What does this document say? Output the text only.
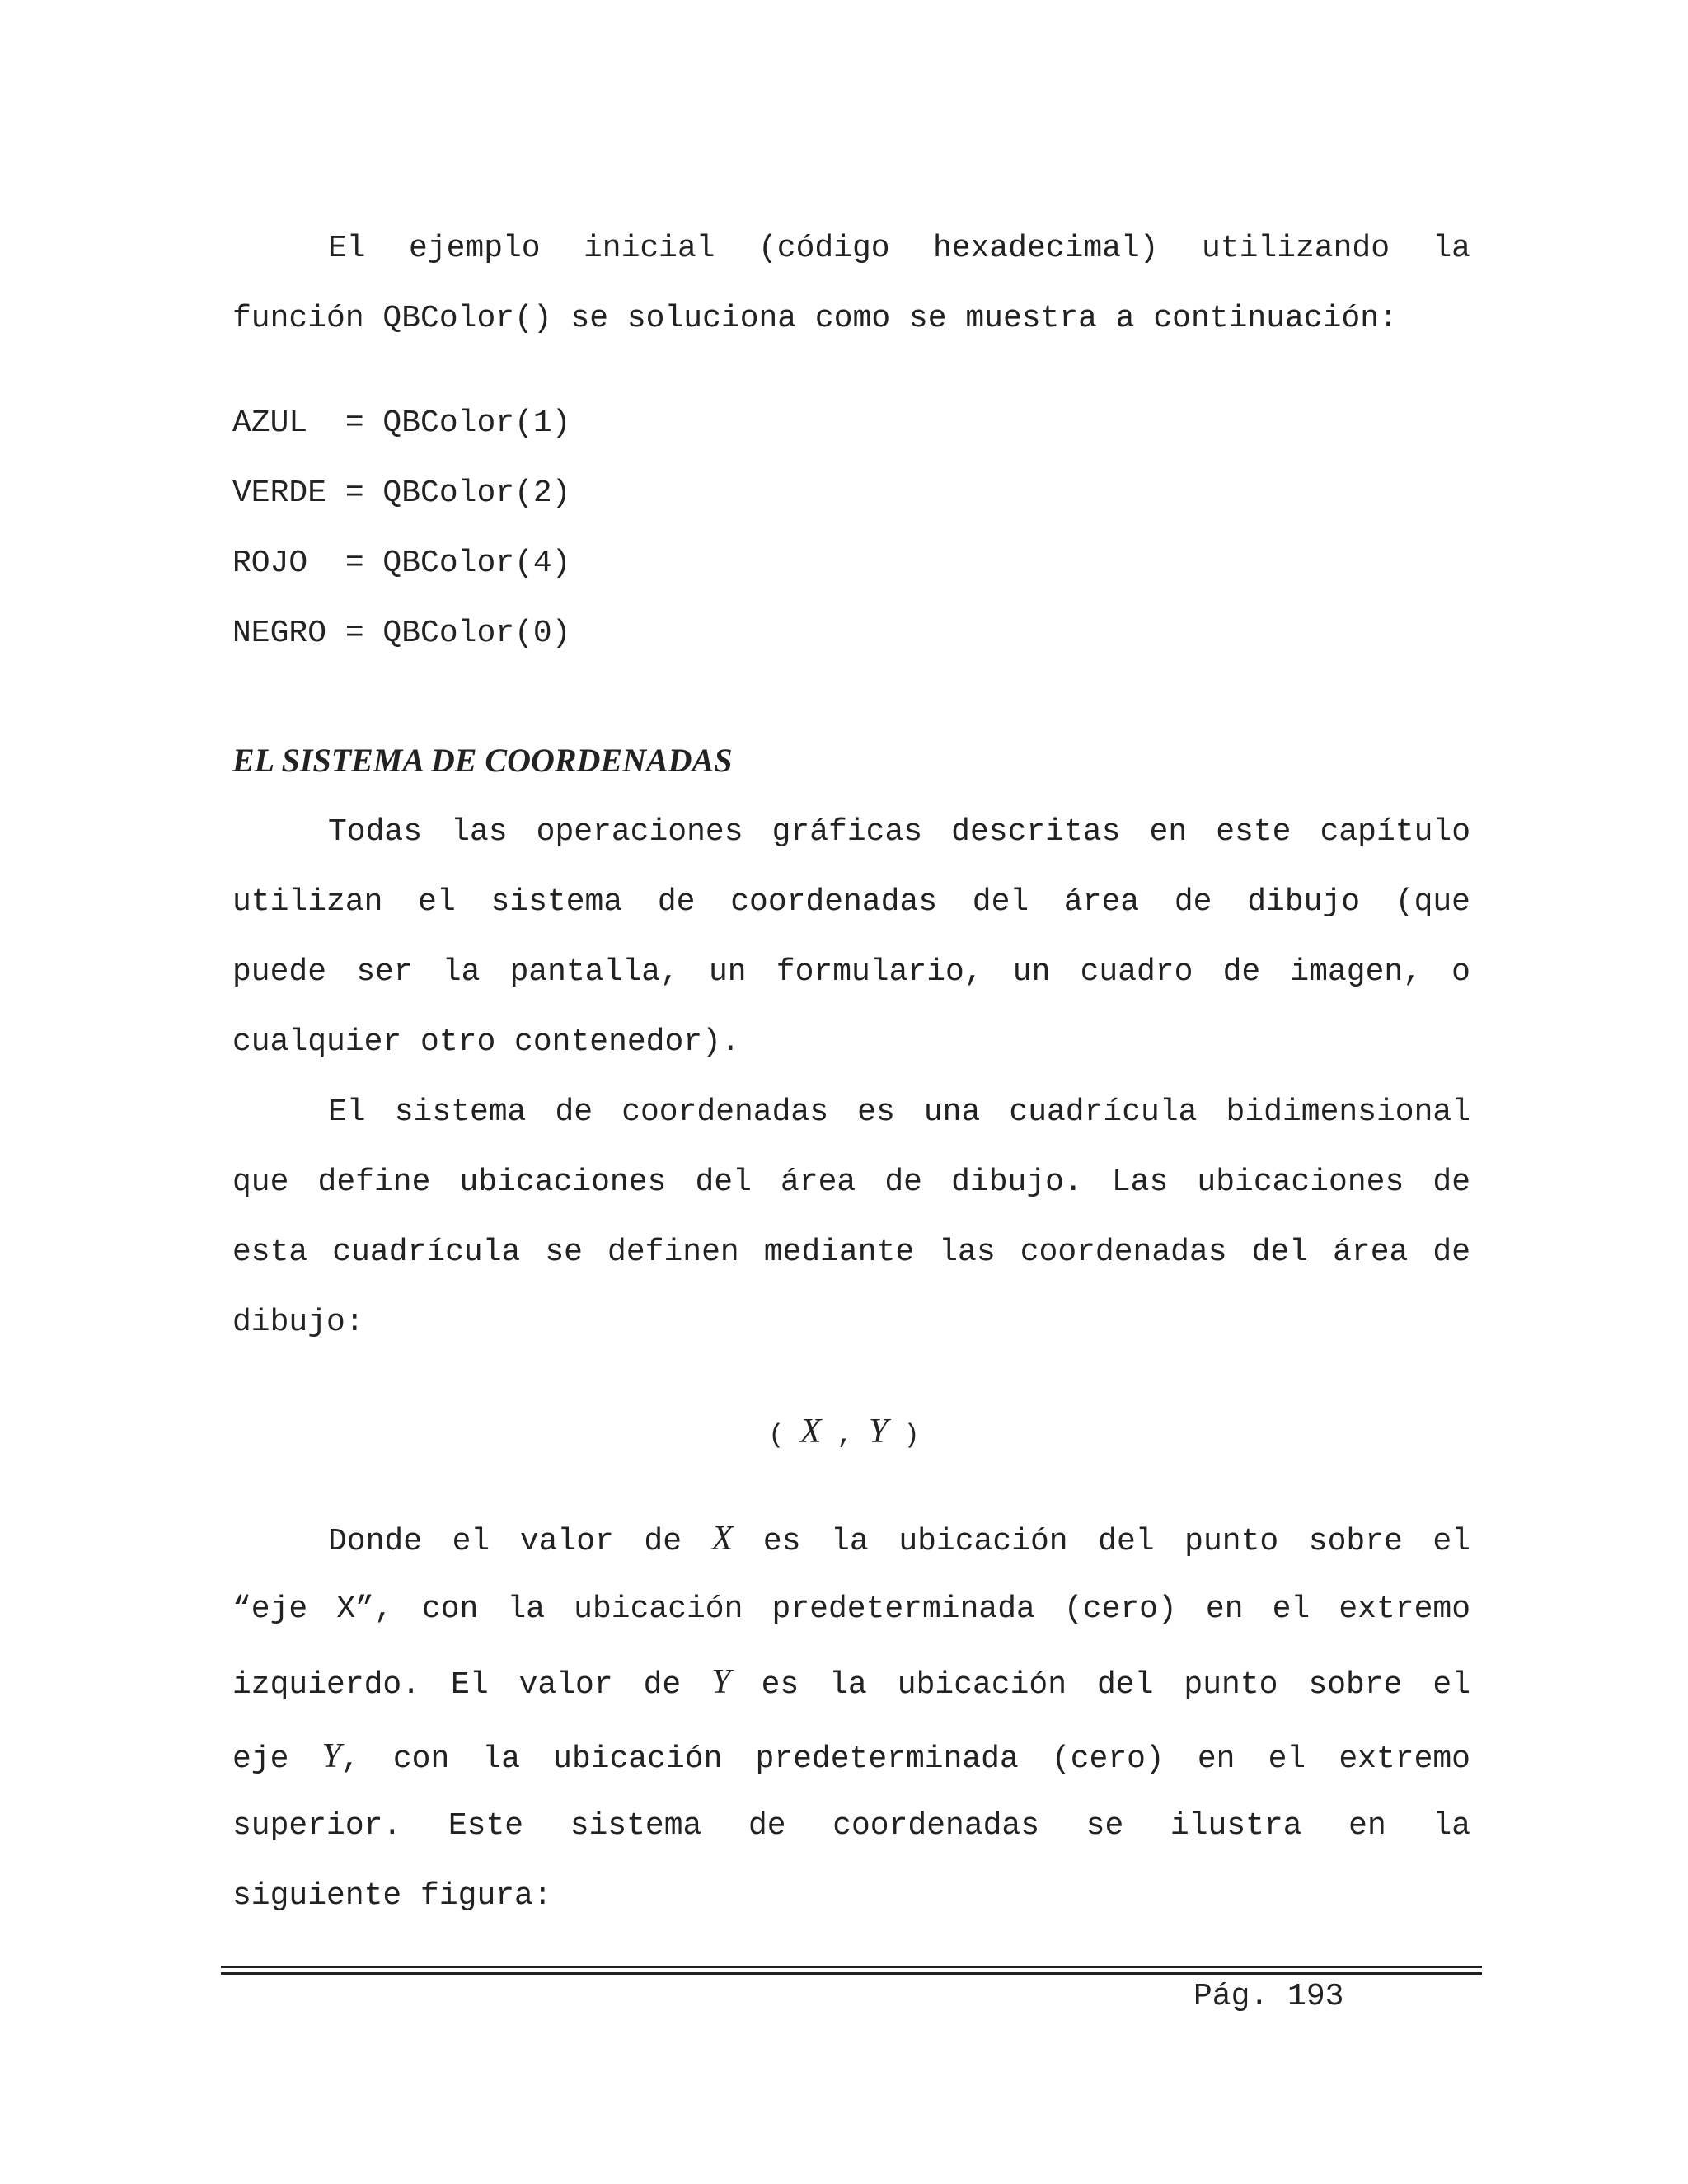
El ejemplo inicial (código hexadecimal) utilizando la
función QBColor() se soluciona como se muestra a continuación:
AZUL  = QBColor(1)
VERDE = QBColor(2)
ROJO  = QBColor(4)
NEGRO = QBColor(0)
EL SISTEMA DE COORDENADAS
Todas las operaciones gráficas descritas en este capítulo
utilizan el sistema de coordenadas del área de dibujo (que
puede ser la pantalla, un formulario, un cuadro de imagen, o
cualquier otro contenedor).
El sistema de coordenadas es una cuadrícula bidimensional
que define ubicaciones del área de dibujo. Las ubicaciones de
esta cuadrícula se definen mediante las coordenadas del área de
dibujo:
( X , Y )
Donde el valor de X es la ubicación del punto sobre el
“eje X”, con la ubicación predeterminada (cero) en el extremo
izquierdo. El valor de Y es la ubicación del punto sobre el
eje Y, con la ubicación predeterminada (cero) en el extremo
superior. Este sistema de coordenadas se ilustra en la
siguiente figura:
Pág. 193
